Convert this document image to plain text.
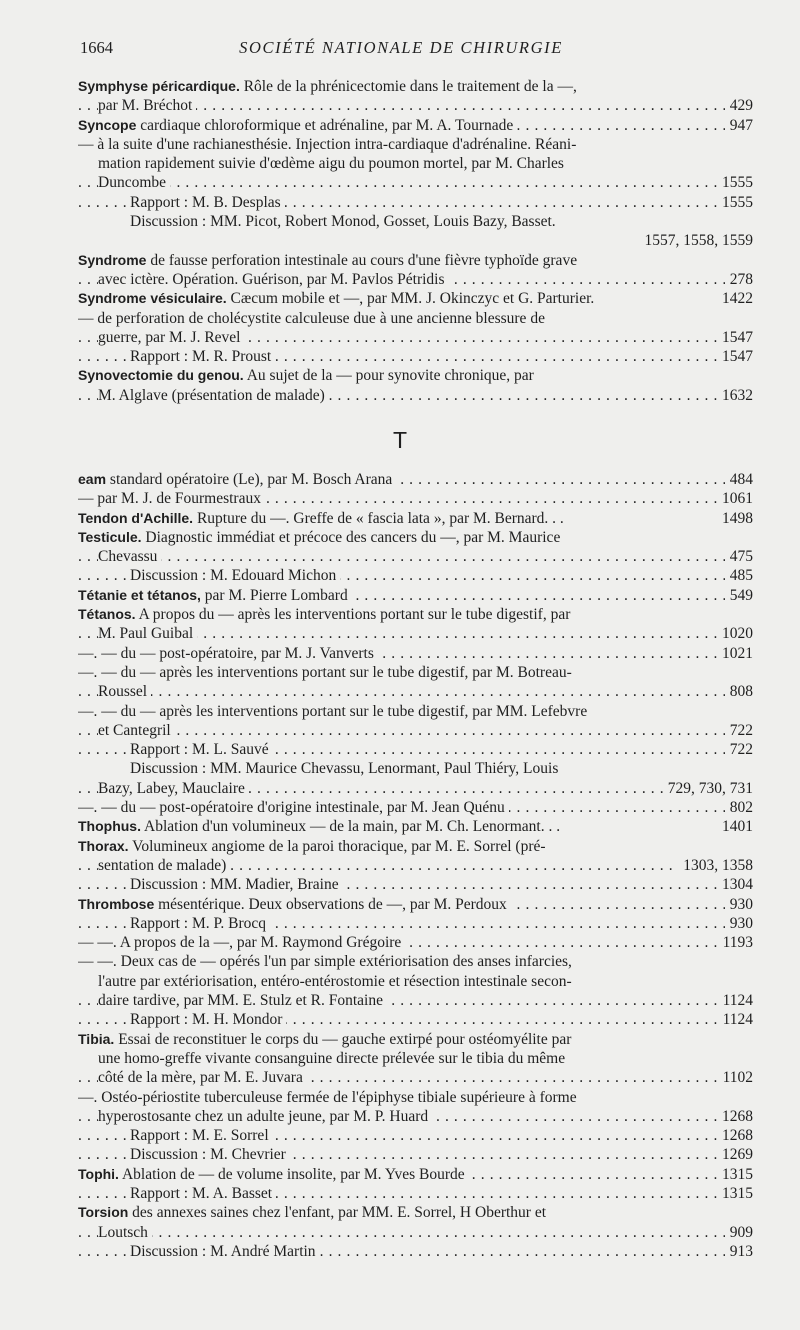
1664	SOCIÉTÉ NATIONALE DE CHIRURGIE
Symphyse péricardique. Rôle de la phrénicectomie dans le traitement de la —,
. . . par M. Bréchot	429
. . . Syncope cardiaque chloroformique et adrénaline, par M. A. Tournade	947
— à la suite d'une rachianesthésie. Injection intra-cardiaque d'adrénaline. Réani-
mation rapidement suivie d'œdème aigu du poumon mortel, par M. Charles
. . . Duncombe	1555
. . . Rapport : M. B. Desplas	1555
Discussion : MM. Picot, Robert Monod, Gosset, Louis Bazy, Basset.
1557, 1558, 1559
Syndrome de fausse perforation intestinale au cours d'une fièvre typhoïde grave
. . . avec ictère. Opération. Guérison, par M. Pavlos Pétridis	278
Syndrome vésiculaire. Cæcum mobile et —, par MM. J. Okinczyc et G. Parturier.	1422
— de perforation de cholécystite calculeuse due à une ancienne blessure de
. . . guerre, par M. J. Revel	1547
. . . Rapport : M. R. Proust	1547
Synovectomie du genou. Au sujet de la — pour synovite chronique, par
. . . M. Alglave (présentation de malade)	1632
T
. . . eam standard opératoire (Le), par M. Bosch Arana	484
. . . — par M. J. de Fourmestraux	1061
Tendon d'Achille. Rupture du —. Greffe de « fascia lata », par M. Bernard. . .	1498
Testicule. Diagnostic immédiat et précoce des cancers du —, par M. Maurice
. . . Chevassu	475
. . . Discussion : M. Edouard Michon	485
. . . Tétanie et tétanos, par M. Pierre Lombard	549
Tétanos. A propos du — après les interventions portant sur le tube digestif, par
. . . M. Paul Guibal	1020
. . . —. — du — post-opératoire, par M. J. Vanverts	1021
—. — du — après les interventions portant sur le tube digestif, par M. Botreau-
. . . Roussel	808
—. — du — après les interventions portant sur le tube digestif, par MM. Lefebvre
. . . et Cantegril	722
. . . Rapport : M. L. Sauvé	722
Discussion : MM. Maurice Chevassu, Lenormant, Paul Thiéry, Louis
. . . Bazy, Labey, Mauclaire	729, 730, 731
. . . —. — du — post-opératoire d'origine intestinale, par M. Jean Quénu	802
Thophus. Ablation d'un volumineux — de la main, par M. Ch. Lenormant. . .	1401
Thorax. Volumineux angiome de la paroi thoracique, par M. E. Sorrel (pré-
. . . sentation de malade)	1303, 1358
. . . Discussion : MM. Madier, Braine	1304
. . . Thrombose mésentérique. Deux observations de —, par M. Perdoux	930
. . . Rapport : M. P. Brocq	930
. . . — —. A propos de la —, par M. Raymond Grégoire	1193
— —. Deux cas de — opérés l'un par simple extériorisation des anses infarcies,
l'autre par extériorisation, entéro-entérostomie et résection intestinale secon-
. . . daire tardive, par MM. E. Stulz et R. Fontaine	1124
. . . Rapport : M. H. Mondor	1124
Tibia. Essai de reconstituer le corps du — gauche extirpé pour ostéomyélite par
une homo-greffe vivante consanguine directe prélevée sur le tibia du même
. . . côté de la mère, par M. E. Juvara	1102
—. Ostéo-périostite tuberculeuse fermée de l'épiphyse tibiale supérieure à forme
. . . hyperostosante chez un adulte jeune, par M. P. Huard	1268
. . . Rapport : M. E. Sorrel	1268
. . . Discussion : M. Chevrier	1269
. . . Tophi. Ablation de — de volume insolite, par M. Yves Bourde	1315
. . . Rapport : M. A. Basset	1315
Torsion des annexes saines chez l'enfant, par MM. E. Sorrel, H Oberthur et
. . . Loutsch	909
. . . Discussion : M. André Martin	913
